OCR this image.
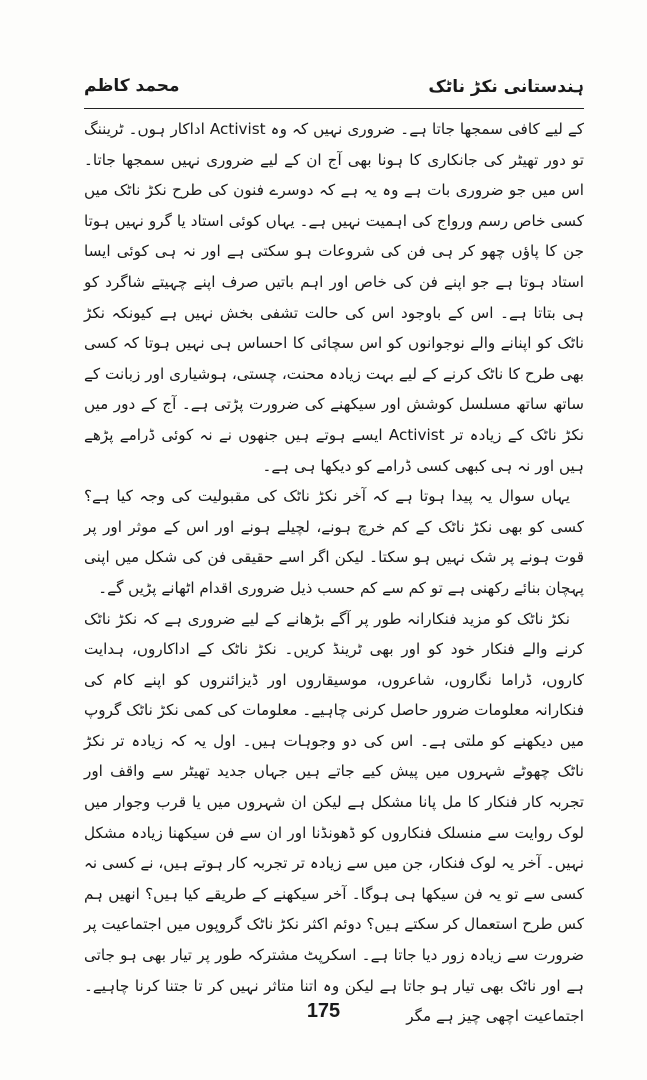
ہندستانی نکڑ ناٹک
محمد کاظم

کے لیے کافی سمجھا جاتا ہے۔ ضروری نہیں کہ وہ Activist اداکار ہوں۔ ٹریننگ تو دور تھیٹر کی جانکاری کا ہونا بھی آج ان کے لیے ضروری نہیں سمجھا جاتا۔ اس میں جو ضروری بات ہے وہ یہ ہے کہ دوسرے فنون کی طرح نکڑ ناٹک میں کسی خاص رسم ورواج کی اہمیت نہیں ہے۔ یہاں کوئی استاد یا گرو نہیں ہوتا جن کا پاؤں چھو کر ہی فن کی شروعات ہو سکتی ہے اور نہ ہی کوئی ایسا استاد ہوتا ہے جو اپنے فن کی خاص اور اہم باتیں صرف اپنے چہیتے شاگرد کو ہی بتاتا ہے۔ اس کے باوجود اس کی حالت تشفی بخش نہیں ہے کیونکہ نکڑ ناٹک کو اپنانے والے نوجوانوں کو اس سچائی کا احساس ہی نہیں ہوتا کہ کسی بھی طرح کا ناٹک کرنے کے لیے بہت زیادہ محنت، چستی، ہوشیاری اور زبانت کے ساتھ ساتھ مسلسل کوشش اور سیکھنے کی ضرورت پڑتی ہے۔ آج کے دور میں نکڑ ناٹک کے زیادہ تر Activist ایسے ہوتے ہیں جنھوں نے نہ کوئی ڈرامے پڑھے ہیں اور نہ ہی کبھی کسی ڈرامے کو دیکھا ہی ہے۔

یہاں سوال یہ پیدا ہوتا ہے کہ آخر نکڑ ناٹک کی مقبولیت کی وجہ کیا ہے؟ کسی کو بھی نکڑ ناٹک کے کم خرچ ہونے، لچیلے ہونے اور اس کے موثر اور پر قوت ہونے پر شک نہیں ہو سکتا۔ لیکن اگر اسے حقیقی فن کی شکل میں اپنی پہچان بنائے رکھنی ہے تو کم سے کم حسب ذیل ضروری اقدام اٹھانے پڑیں گے۔

نکڑ ناٹک کو مزید فنکارانہ طور پر آگے بڑھانے کے لیے ضروری ہے کہ نکڑ ناٹک کرنے والے فنکار خود کو اور بھی ٹرینڈ کریں۔ نکڑ ناٹک کے اداکاروں، ہدایت کاروں، ڈراما نگاروں، شاعروں، موسیقاروں اور ڈیزائنروں کو اپنے کام کی فنکارانہ معلومات ضرور حاصل کرنی چاہیے۔ معلومات کی کمی نکڑ ناٹک گروپ میں دیکھنے کو ملتی ہے۔ اس کی دو وجوہات ہیں۔ اول یہ کہ زیادہ تر نکڑ ناٹک چھوٹے شہروں میں پیش کیے جاتے ہیں جہاں جدید تھیٹر سے واقف اور تجربہ کار فنکار کا مل پانا مشکل ہے لیکن ان شہروں میں یا قرب وجوار میں لوک روایت سے منسلک فنکاروں کو ڈھونڈنا اور ان سے فن سیکھنا زیادہ مشکل نہیں۔ آخر یہ لوک فنکار، جن میں سے زیادہ تر تجربہ کار ہوتے ہیں، نے کسی نہ کسی سے تو یہ فن سیکھا ہی ہوگا۔ آخر سیکھنے کے طریقے کیا ہیں؟ انھیں ہم کس طرح استعمال کر سکتے ہیں؟ دوئم اکثر نکڑ ناٹک گروپوں میں اجتماعیت پر ضرورت سے زیادہ زور دیا جاتا ہے۔ اسکرپٹ مشترکہ طور پر تیار بھی ہو جاتی ہے اور ناٹک بھی تیار ہو جاتا ہے لیکن وہ اتنا متاثر نہیں کر تا جتنا کرنا چاہیے۔ اجتماعیت اچھی چیز ہے مگر

175
